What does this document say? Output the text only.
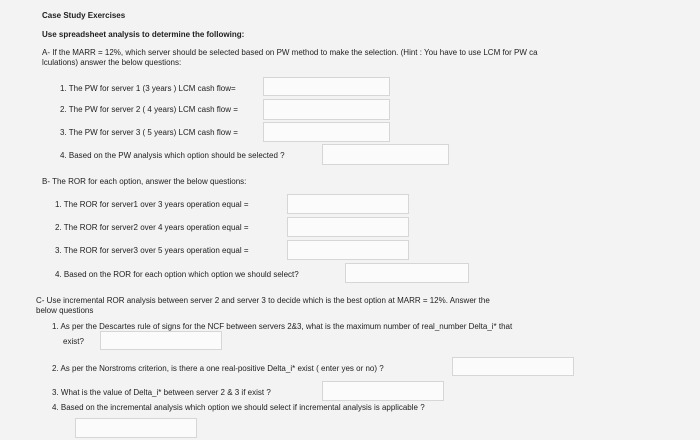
Case Study Exercises
Use spreadsheet analysis to determine the following:
A- If the MARR = 12%, which server should be selected based on PW method to make the selection. (Hint : You have to use LCM for PW ca
lculations) answer the below questions:
1. The PW for server 1 (3 years ) LCM cash flow=
2. The PW for server 2 ( 4 years) LCM cash flow =
3. The PW for server 3 ( 5 years) LCM cash flow =
4. Based on the PW analysis which option should be selected ?
B- The ROR for each option, answer the below questions:
1. The ROR for server1 over 3 years operation equal =
2. The ROR for server2 over 4 years operation equal =
3. The ROR for server3 over 5 years operation equal =
4. Based on the ROR for each option which option we should select?
C- Use incremental ROR analysis between server 2 and server 3 to decide which is the best option at MARR = 12%. Answer the
below questions
1. As per the Descartes rule of signs for the NCF between servers 2&3, what is the maximum number of real_number Delta_i* that
exist?
2. As per the Norstroms criterion, is there a one real-positive Delta_i* exist ( enter yes or no) ?
3. What is the value of Delta_i* between server 2 & 3 if exist ?
4. Based on the incremental analysis which option we should select if incremental analysis is applicable ?
